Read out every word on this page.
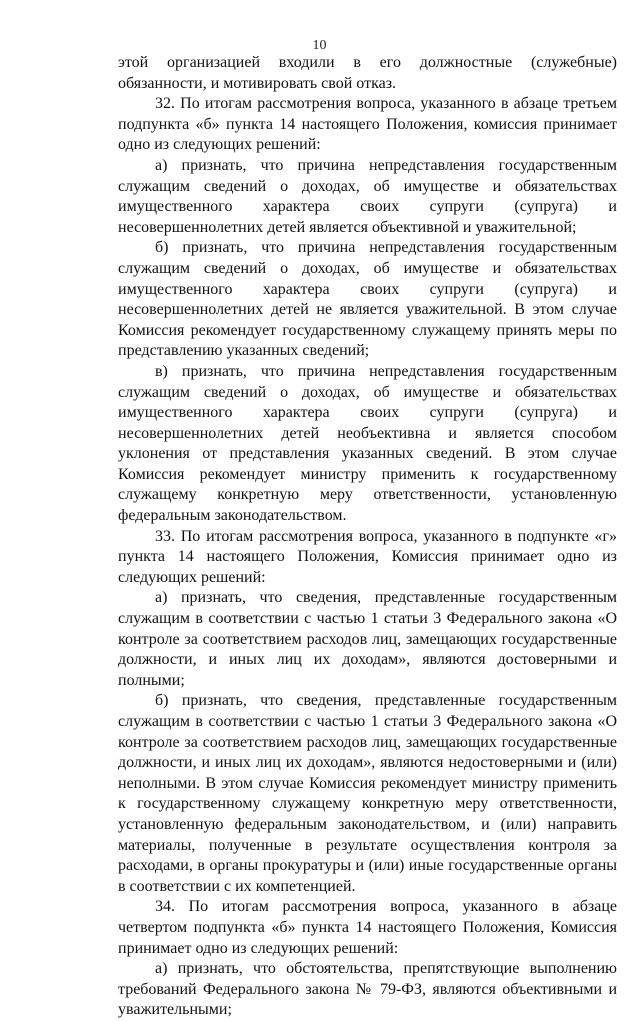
10

этой организацией входили в его должностные (служебные) обязанности, и мотивировать свой отказ.

32. По итогам рассмотрения вопроса, указанного в абзаце третьем подпункта «б» пункта 14 настоящего Положения, комиссия принимает одно из следующих решений:

а) признать, что причина непредставления государственным служащим сведений о доходах, об имуществе и обязательствах имущественного характера своих супруги (супруга) и несовершеннолетних детей является объективной и уважительной;

б) признать, что причина непредставления государственным служащим сведений о доходах, об имуществе и обязательствах имущественного характера своих супруги (супруга) и несовершеннолетних детей не является уважительной. В этом случае Комиссия рекомендует государственному служащему принять меры по представлению указанных сведений;

в) признать, что причина непредставления государственным служащим сведений о доходах, об имуществе и обязательствах имущественного характера своих супруги (супруга) и несовершеннолетних детей необъективна и является способом уклонения от представления указанных сведений. В этом случае Комиссия рекомендует министру применить к государственному служащему конкретную меру ответственности, установленную федеральным законодательством.

33. По итогам рассмотрения вопроса, указанного в подпункте «г» пункта 14 настоящего Положения, Комиссия принимает одно из следующих решений:

а) признать, что сведения, представленные государственным служащим в соответствии с частью 1 статьи 3 Федерального закона «О контроле за соответствием расходов лиц, замещающих государственные должности, и иных лиц их доходам», являются достоверными и полными;

б) признать, что сведения, представленные государственным служащим в соответствии с частью 1 статьи 3 Федерального закона «О контроле за соответствием расходов лиц, замещающих государственные должности, и иных лиц их доходам», являются недостоверными и (или) неполными. В этом случае Комиссия рекомендует министру применить к государственному служащему конкретную меру ответственности, установленную федеральным законодательством, и (или) направить материалы, полученные в результате осуществления контроля за расходами, в органы прокуратуры и (или) иные государственные органы в соответствии с их компетенцией.

34. По итогам рассмотрения вопроса, указанного в абзаце четвертом подпункта «б» пункта 14 настоящего Положения, Комиссия принимает одно из следующих решений:

а) признать, что обстоятельства, препятствующие выполнению требований Федерального закона № 79-ФЗ, являются объективными и уважительными;
